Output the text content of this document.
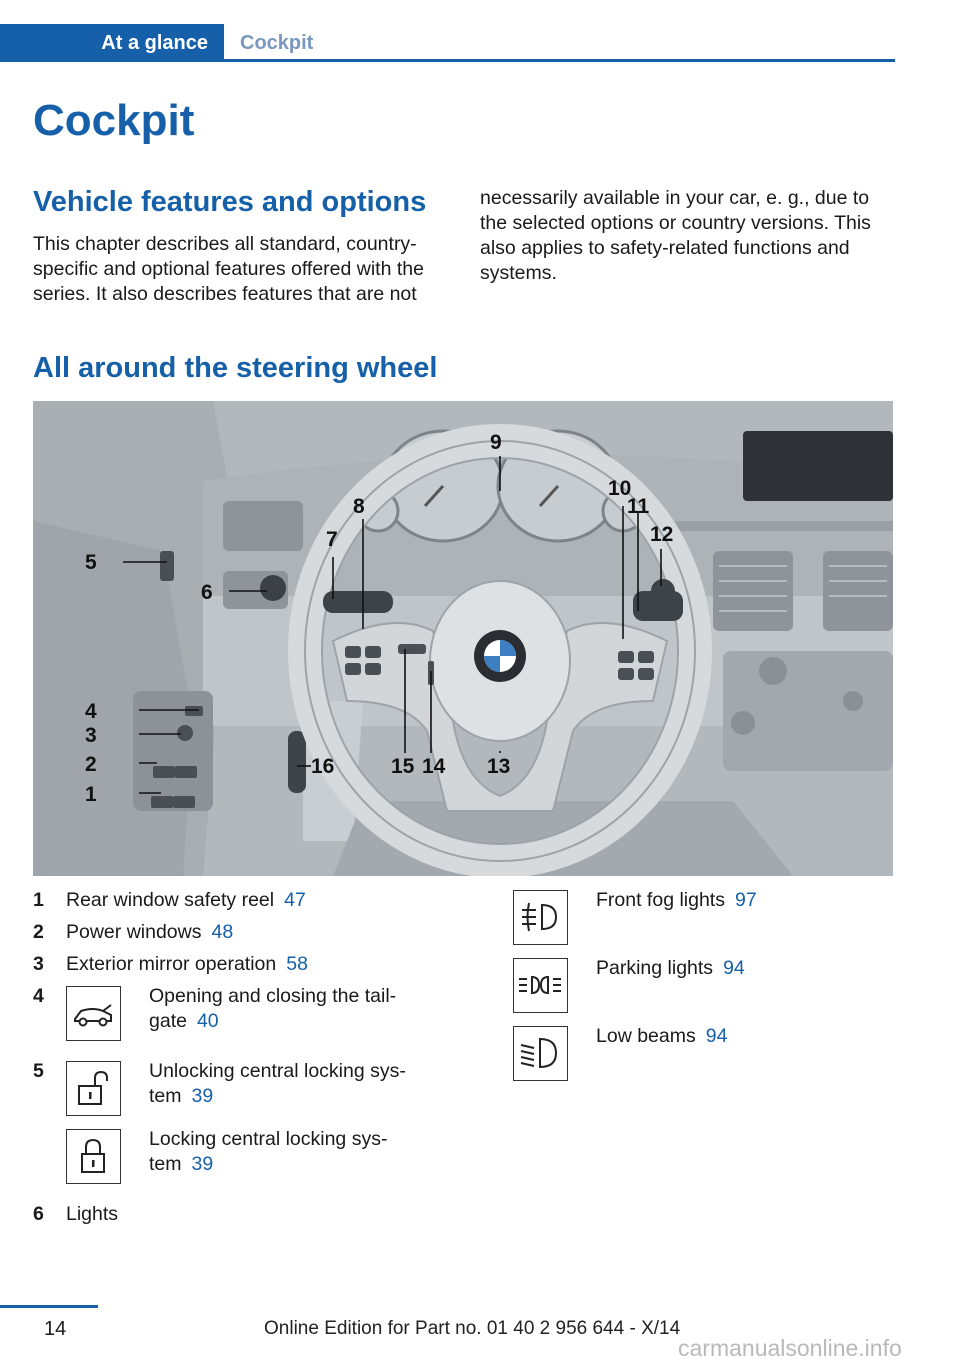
At a glance	Cockpit
Cockpit
Vehicle features and options
This chapter describes all standard, country-specific and optional features offered with the series. It also describes features that are not
necessarily available in your car, e. g., due to the selected options or country versions. This also applies to safety-related functions and systems.
All around the steering wheel
1
2
3
4
5
6
7
8
9
10
11
12
13
14
15
16
1 Rear window safety reel 47
2 Power windows 48
3 Exterior mirror operation 58
4	Opening and closing the tail-
gate 40
5	Unlocking central locking sys-
tem 39
Locking central locking sys-
tem 39
6 Lights
Front fog lights 97
Parking lights 94
Low beams 94
14	Online Edition for Part no. 01 40 2 956 644 - X/14
carmanualsonline.info
